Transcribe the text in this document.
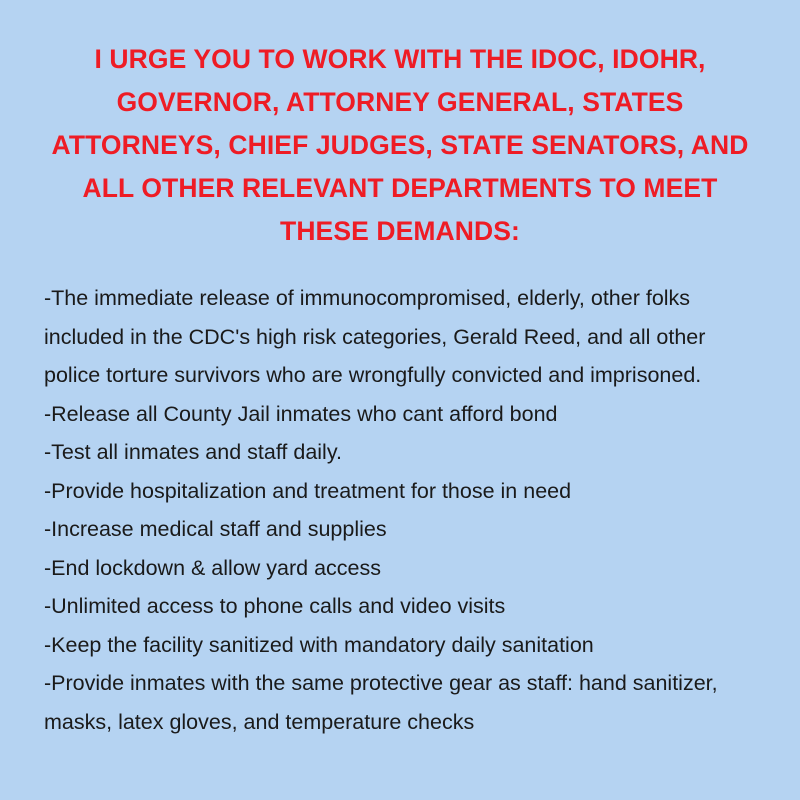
I URGE YOU TO WORK WITH THE IDOC, IDOHR, GOVERNOR, ATTORNEY GENERAL, STATES ATTORNEYS, CHIEF JUDGES, STATE SENATORS, AND ALL OTHER RELEVANT DEPARTMENTS TO MEET THESE DEMANDS:

-The immediate release of immunocompromised, elderly, other folks included in the CDC's high risk categories, Gerald Reed, and all other police torture survivors who are wrongfully convicted and imprisoned.

-Release all County Jail inmates who cant afford bond

-Test all inmates and staff daily.

-Provide hospitalization and treatment for those in need

-Increase medical staff and supplies

-End lockdown & allow yard access

-Unlimited access to phone calls and video visits

-Keep the facility sanitized with mandatory daily sanitation

-Provide inmates with the same protective gear as staff: hand sanitizer, masks, latex gloves, and temperature checks
